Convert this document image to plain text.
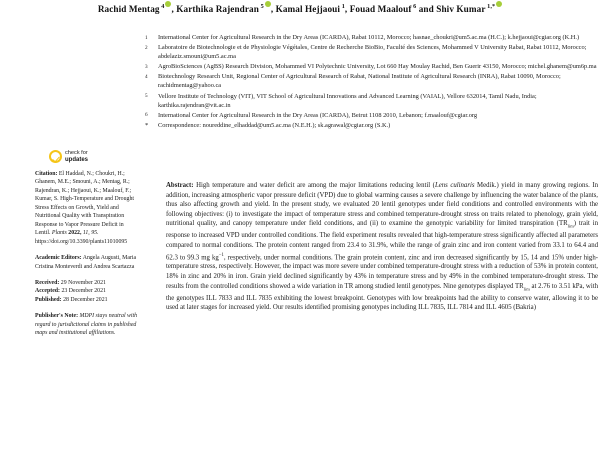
Rachid Mentag $^4$ , Karthika Rajendran $^5$ , Kamal Hejjaoui $^1$, Fouad Maalouf $^6$ and Shiv Kumar $^{1,*}$
1	International Center for Agricultural Research in the Dry Areas (ICARDA), Rabat 10112, Morocco; hasnae_choukri@um5.ac.ma (H.C.); k.hejjaoui@cgiar.org (K.H.)
2	Laboratoire de Biotechnologie et de Physiologie Végétales, Centre de Recherche BioBio, Faculté des Sciences, Mohammed V University Rabat, Rabat 10112, Morocco; abdelaziz.smouni@um5.ac.ma
3	AgroBioSciences (AgBS) Research Division, Mohammed VI Polytechnic University, Lot 660 Hay Moulay Rachid, Ben Guerir 43150, Morocco; michel.ghanem@um6p.ma
4	Biotechnology Research Unit, Regional Center of Agricultural Research of Rabat, National Institute of Agricultural Research (INRA), Rabat 10090, Morocco; rachidmentag@yahoo.ca
5	Vellore Institute of Technology (VIT), VIT School of Agricultural Innovations and Advanced Learning (VAIAL), Vellore 632014, Tamil Nadu, India; karthika.rajendran@vit.ac.in
6	International Center for Agricultural Research in the Dry Areas (ICARDA), Beirut 1108 2010, Lebanon; f.maalouf@cgiar.org
*	Correspondence: noureddine_elhaddad@um5.ac.ma (N.E.H.); sk.agrawal@cgiar.org (S.K.)
check for
updates
Citation: El Haddad, N.; Choukri, H.; Ghanem, M.E.; Smouni, A.; Mentag, R.; Rajendran, K.; Hejjaoui, K.; Maalouf, F.; Kumar, S. High-Temperature and Drought Stress Effects on Growth, Yield and Nutritional Quality with Transpiration Response to Vapor Pressure Deficit in Lentil. Plants 2022, 11, 95. https://doi.org/10.3390/plants11010095
Academic Editors: Angela Augusti, Maria Cristina Monteverdi and Andrea Scartazza
Received: 29 November 2021
Accepted: 23 December 2021
Published: 28 December 2021
Publisher's Note: MDPI stays neutral with regard to jurisdictional claims in published maps and institutional affiliations.
Abstract: High temperature and water deficit are among the major limitations reducing lentil (Lens culinaris Medik.) yield in many growing regions. In addition, increasing atmospheric vapor pressure deficit (VPD) due to global warming causes a severe challenge by influencing the water balance of the plants, thus also affecting growth and yield. In the present study, we evaluated 20 lentil genotypes under field conditions and controlled environments with the following objectives: (i) to investigate the impact of temperature stress and combined temperature-drought stress on traits related to phenology, grain yield, nutritional quality, and canopy temperature under field conditions, and (ii) to examine the genotypic variability for limited transpiration $(TR_{lim})$ trait in response to increased VPD under controlled conditions. The field experiment results revealed that high-temperature stress significantly affected all parameters compared to normal conditions. The protein content ranged from 23.4 to 31.9%, while the range of grain zinc and iron content varied from 33.1 to 64.4 and 62.3 to 99.3 mg $kg^{-1}$, respectively, under normal conditions. The grain protein content, zinc and iron decreased significantly by 15, 14 and 15% under high-temperature stress, respectively. However, the impact was more severe under combined temperature-drought stress with a reduction of 53% in protein content, 18% in zinc and 20% in iron. Grain yield declined significantly by 43% in temperature stress and by 49% in the combined temperature-drought stress. The results from the controlled conditions showed a wide variation in TR among studied lentil genotypes. Nine genotypes displayed $TR_{lim}$ at 2.76 to 3.51 kPa, with the genotypes ILL 7833 and ILL 7835 exhibiting the lowest breakpoint. Genotypes with low breakpoints had the ability to conserve water, allowing it to be used at later stages for increased yield. Our results identified promising genotypes including ILL 7835, ILL 7814 and ILL 4605 (Bakria)
